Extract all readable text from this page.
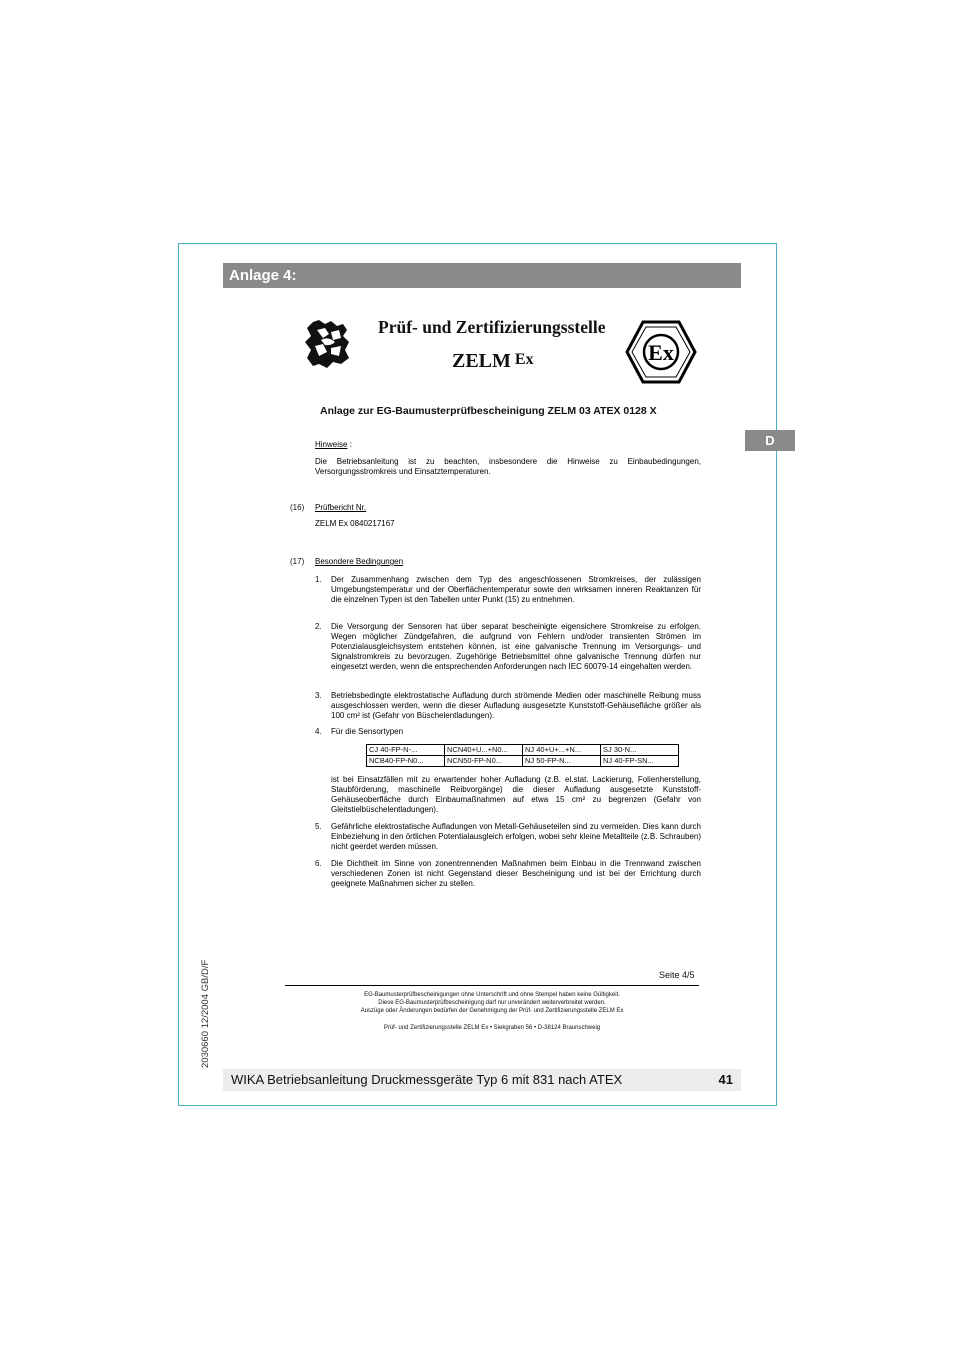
Anlage 4:
D
2030660 12/2004 GB/D/F
Prüf- und Zertifizierungsstelle
ZELM Ex	Ex
Anlage zur EG-Baumusterprüfbescheinigung ZELM 03 ATEX 0128 X
Hinweise :
Die Betriebsanleitung ist zu beachten, insbesondere die Hinweise zu Einbaubedingungen, Versorgungsstromkreis und Einsatztemperaturen.
(16) Prüfbericht Nr.
ZELM Ex 0840217167
(17) Besondere Bedingungen
1. Der Zusammenhang zwischen dem Typ des angeschlossenen Stromkreises, der zulässigen Umgebungstemperatur und der Oberflächentemperatur sowie den wirksamen inneren Reaktanzen für die einzelnen Typen ist den Tabellen unter Punkt (15) zu entnehmen.
2. Die Versorgung der Sensoren hat über separat bescheinigte eigensichere Stromkreise zu erfolgen. Wegen möglicher Zündgefahren, die aufgrund von Fehlern und/oder transienten Strömen im Potenzialausgleichsystem entstehen können, ist eine galvanische Trennung im Versorgungs- und Signalstromkreis zu bevorzugen. Zugehörige Betriebsmittel ohne galvanische Trennung dürfen nur eingesetzt werden, wenn die entsprechenden Anforderungen nach IEC 60079-14 eingehalten werden.
3. Betriebsbedingte elektrostatische Aufladung durch strömende Medien oder maschinelle Reibung muss ausgeschlossen werden, wenn die dieser Aufladung ausgesetzte Kunststoff-Gehäusefläche größer als 100 cm² ist (Gefahr von Büschelentladungen).
4. Für die Sensortypen
CJ 40-FP-N-...	NCN40+U...+N0...	NJ 40+U+...+N...	SJ 30-N...
NCB40-FP-N0...	NCN50-FP-N0...	NJ 50-FP-N...	NJ 40-FP-SN...
ist bei Einsatzfällen mit zu erwartender hoher Aufladung (z.B. el.stat. Lackierung, Folienherstellung, Staubförderung, maschinelle Reibvorgänge) die dieser Aufladung ausgesetzte Kunststoff-Gehäuseoberfläche durch Einbaumaßnahmen auf etwa 15 cm² zu begrenzen (Gefahr von Gleitstielbüschelentladungen).
5. Gefährliche elektrostatische Aufladungen von Metall-Gehäuseteilen sind zu vermeiden. Dies kann durch Einbeziehung in den örtlichen Potentialausgleich erfolgen, wobei sehr kleine Metallteile (z.B. Schrauben) nicht geerdet werden müssen.
6. Die Dichtheit im Sinne von zonentrennenden Maßnahmen beim Einbau in die Trennwand zwischen verschiedenen Zonen ist nicht Gegenstand dieser Bescheinigung und ist bei der Errichtung durch geeignete Maßnahmen sicher zu stellen.
Seite 4/5
EG-Baumusterprüfbescheinigungen ohne Unterschrift und ohne Stempel haben keine Gültigkeit.
Diese EG-Baumusterprüfbescheinigung darf nur unverändert weiterverbreitet werden.
Auszüge oder Änderungen bedürfen der Genehmigung der Prüf- und Zertifizierungsstelle ZELM Ex
Prüf- und Zertifizierungsstelle ZELM Ex • Siekgraben 56 • D-38124 Braunschweig
WIKA Betriebsanleitung Druckmessgeräte Typ 6 mit 831 nach ATEX	41
